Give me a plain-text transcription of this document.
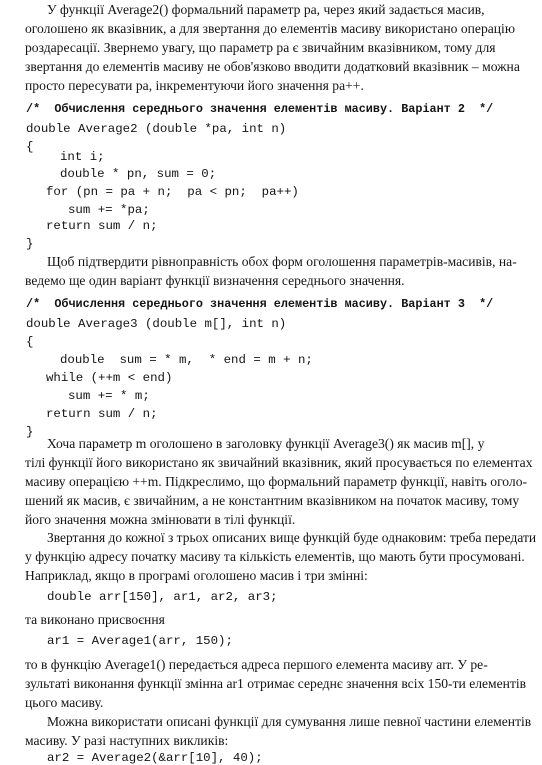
У функції Average2() формальний параметр pa, через який задається масив,
оголошено як вказівник, а для звертання до елементів масиву використано операцію
роздаресації. Звернемо увагу, що параметр pa є звичайним вказівником, тому для
звертання до елементів масиву не обов'язково вводити додатковий вказівник – можна
просто пересувати pa, інкрементуючи його значення pa++.
/*  Обчислення середнього значення елементів масиву. Варіант 2  */
double Average2 (double *pa, int n)
{
int i;
double * pn, sum = 0;
for (pn = pa + n;  pa < pn;  pa++)
sum += *pa;
return sum / n;
}
Щоб підтвердити рівноправність обох форм оголошення параметрів-масивів, на-
ведемо ще один варіант функції визначення середнього значення.
/*  Обчислення середнього значення елементів масиву. Варіант 3  */
double Average3 (double m[], int n)
{
double  sum = * m,  * end = m + n;
while (++m < end)
sum += * m;
return sum / n;
}
Хоча параметр m оголошено в заголовку функції Average3() як масив m[], у
тілі функції його використано як звичайний вказівник, який просувається по елементах
масиву операцією ++m. Підкреслимо, що формальний параметр функції, навіть оголо-
шений як масив, є звичайним, а не константним вказівником на початок масиву, тому
його значення можна змінювати в тілі функції.
Звертання до кожної з трьох описаних вище функцій буде однаковим: треба передати
у функцію адресу початку масиву та кількість елементів, що мають бути просумовані.
Наприклад, якщо в програмі оголошено масив і три змінні:
double arr[150], ar1, ar2, ar3;
та виконано присвоєння
ar1 = Average1(arr, 150);
то в функцію Average1() передається адреса першого елемента масиву arr. У ре-
зультаті виконання функції змінна ar1 отримає середнє значення всіх 150-ти елементів
цього масиву.
Можна використати описані функції для сумування лише певної частини елементів
масиву. У разі наступних викликів:
ar2 = Average2(&arr[10], 40);
